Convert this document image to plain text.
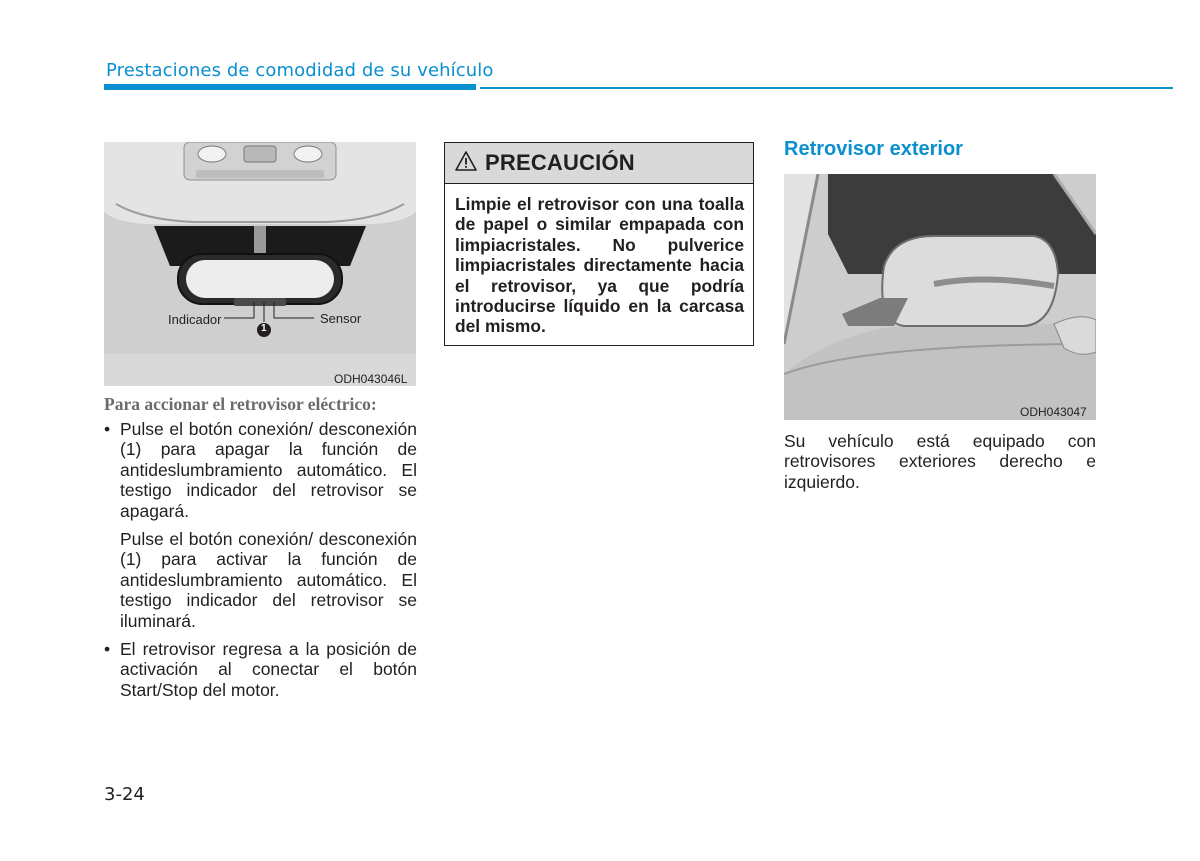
Prestaciones de comodidad de su vehículo
Indicador	Sensor
1
ODH043046L

Para accionar el retrovisor eléctrico:

• Pulse el botón conexión/ desconexión (1) para apagar la función de antideslumbramiento automático. El testigo indicador del retrovisor se apagará.

Pulse el botón conexión/ desconexión (1) para activar la función de antideslumbramiento automático. El testigo indicador del retrovisor se iluminará.

• El retrovisor regresa a la posición de activación al conectar el botón Start/Stop del motor.

PRECAUCIÓN
Limpie el retrovisor con una toalla de papel o similar empapada con limpiacristales. No pulverice limpiacristales directamente hacia el retrovisor, ya que podría introducirse líquido en la carcasa del mismo.
Retrovisor exterior
ODH043047
Su vehículo está equipado con retrovisores exteriores derecho e izquierdo.
3-24
